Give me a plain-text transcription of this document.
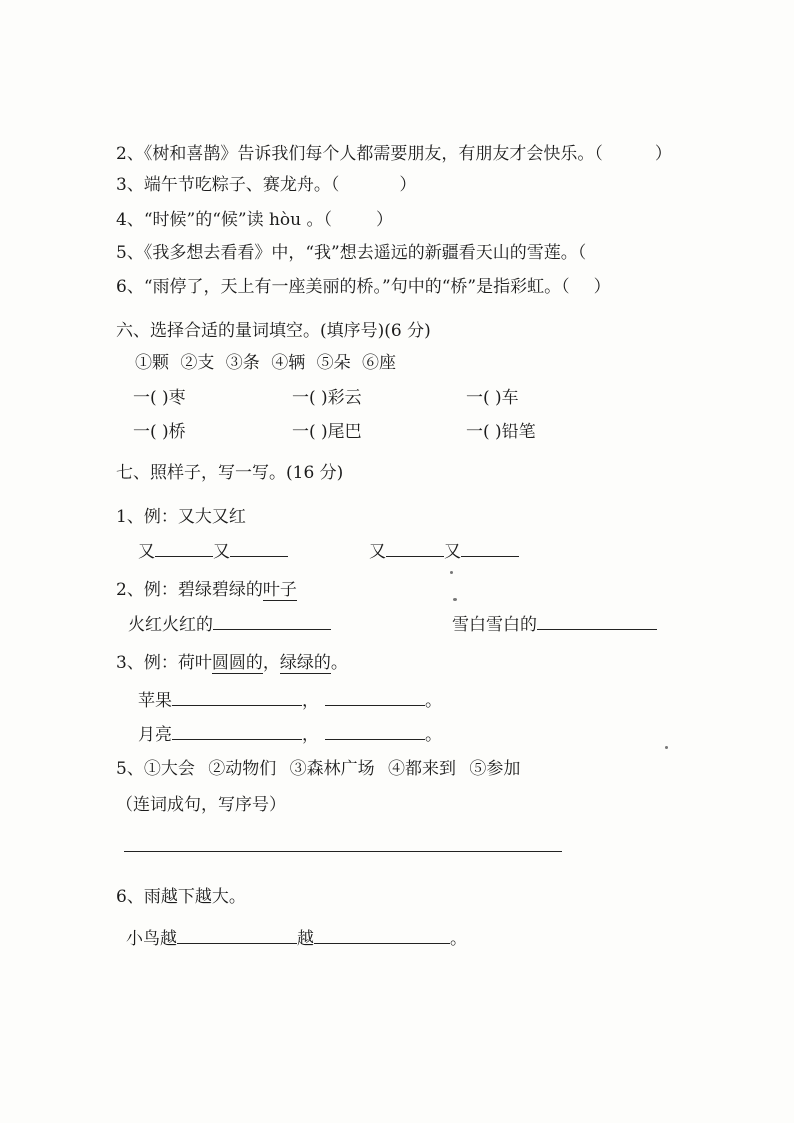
2、《树和喜鹊》告诉我们每个人都需要朋友，有朋友才会快乐。（	）
3、端午节吃粽子、赛龙舟。（	）
4、“时候”的“候”读 hòu 。（	）
5、《我多想去看看》中，“我”想去遥远的新疆看天山的雪莲。（
6、“雨停了，天上有一座美丽的桥。”句中的“桥”是指彩虹。（ ）
六、选择合适的量词填空。(填序号)(6 分)
①颗 ②支 ③条 ④辆 ⑤朵 ⑥座
一( )枣	一( )彩云	一( )车
一( )桥	一( )尾巴	一( )铅笔
七、照样子，写一写。(16 分)
1、例：又大又红
又	又	又	又
2、例：碧绿碧绿的叶子
火红火红的	雪白雪白的
3、例：荷叶圆圆的，绿绿的。
苹果	，	。
月亮	，	。
5、①大会 ②动物们 ③森林广场 ④都来到 ⑤参加
（连词成句，写序号）
6、雨越下越大。
小鸟越	越	。
